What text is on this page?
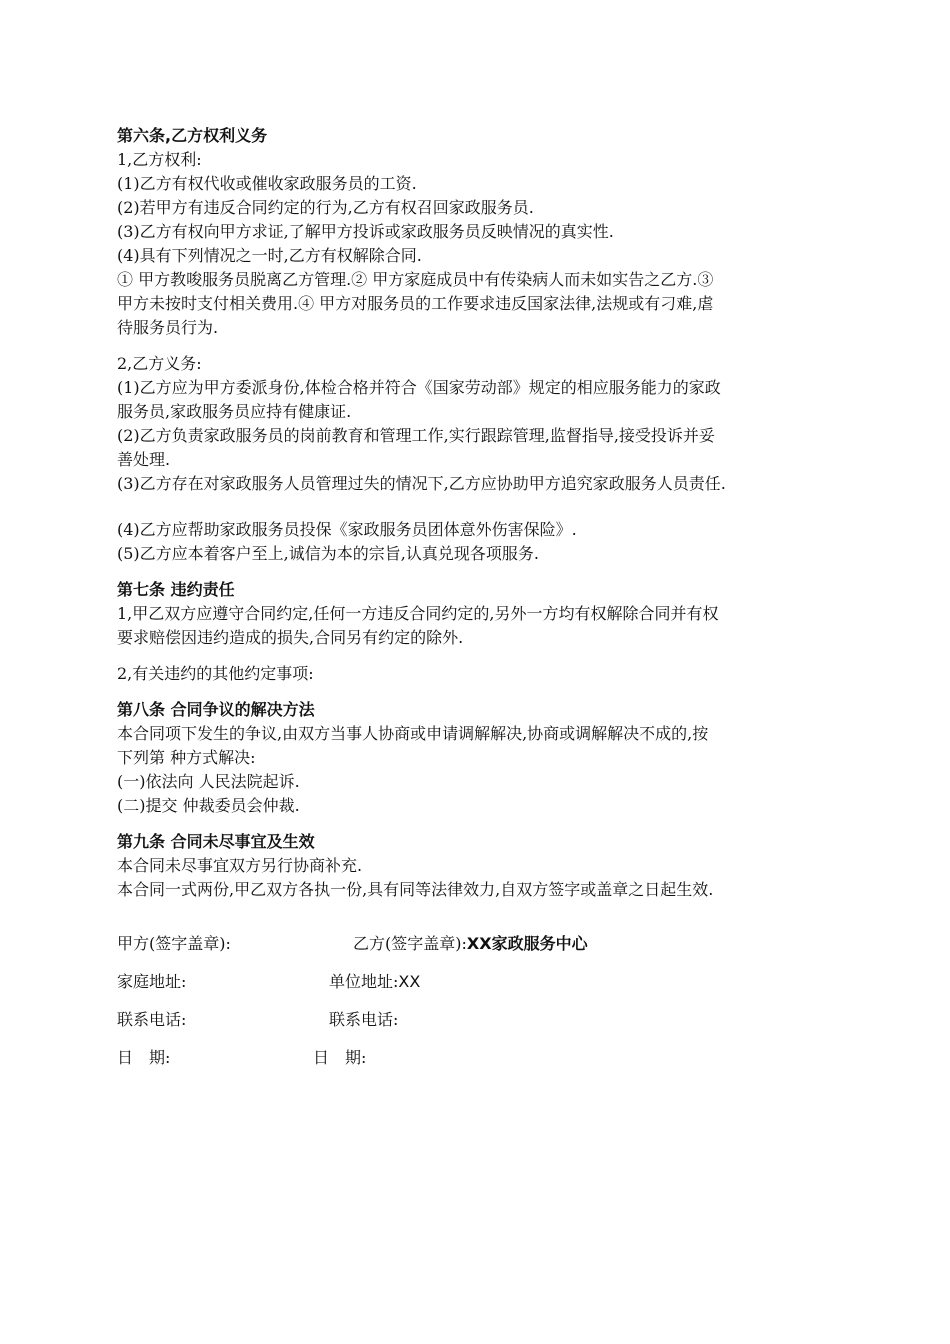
第六条,乙方权利义务
1,乙方权利:
(1)乙方有权代收或催收家政服务员的工资.
(2)若甲方有违反合同约定的行为,乙方有权召回家政服务员.
(3)乙方有权向甲方求证,了解甲方投诉或家政服务员反映情况的真实性.
(4)具有下列情况之一时,乙方有权解除合同.
① 甲方教唆服务员脱离乙方管理.② 甲方家庭成员中有传染病人而未如实告之乙方.③
甲方未按时支付相关费用.④ 甲方对服务员的工作要求违反国家法律,法规或有刁难,虐
待服务员行为.
2,乙方义务:
(1)乙方应为甲方委派身份,体检合格并符合《国家劳动部》规定的相应服务能力的家政
服务员,家政服务员应持有健康证.
(2)乙方负责家政服务员的岗前教育和管理工作,实行跟踪管理,监督指导,接受投诉并妥
善处理.
(3)乙方存在对家政服务人员管理过失的情况下,乙方应协助甲方追究家政服务人员责任.
(4)乙方应帮助家政服务员投保《家政服务员团体意外伤害保险》.
(5)乙方应本着客户至上,诚信为本的宗旨,认真兑现各项服务.
第七条 违约责任
1,甲乙双方应遵守合同约定,任何一方违反合同约定的,另外一方均有权解除合同并有权
要求赔偿因违约造成的损失,合同另有约定的除外.
2,有关违约的其他约定事项:
第八条 合同争议的解决方法
本合同项下发生的争议,由双方当事人协商或申请调解解决,协商或调解解决不成的,按
下列第 种方式解决:
(一)依法向 人民法院起诉.
(二)提交 仲裁委员会仲裁.
第九条 合同未尽事宜及生效
本合同未尽事宜双方另行协商补充.
本合同一式两份,甲乙双方各执一份,具有同等法律效力,自双方签字或盖章之日起生效.
甲方(签字盖章):	乙方(签字盖章): XX家政服务中心
家庭地址:	单位地址: XX
联系电话:	联系电话:
日　期:	日　期:
